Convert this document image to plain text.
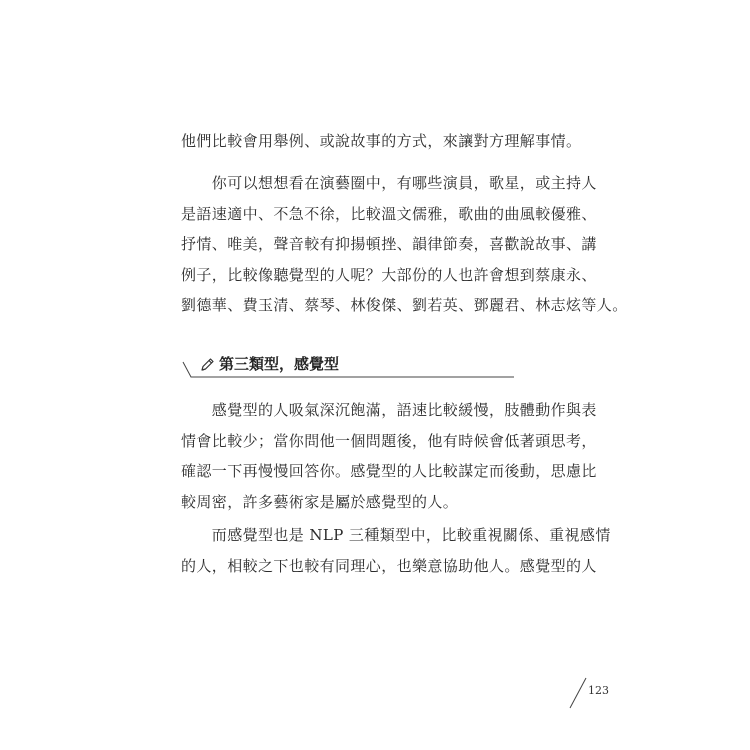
他們比較會用舉例、或說故事的方式，來讓對方理解事情。

　　你可以想想看在演藝圈中，有哪些演員，歌星，或主持人
是語速適中、不急不徐，比較溫文儒雅，歌曲的曲風較優雅、
抒情、唯美，聲音較有抑揚頓挫、韻律節奏，喜歡說故事、講
例子，比較像聽覺型的人呢？大部份的人也許會想到蔡康永、
劉德華、費玉清、蔡琴、林俊傑、劉若英、鄧麗君、林志炫等人。

第三類型，感覺型

　　感覺型的人吸氣深沉飽滿，語速比較緩慢，肢體動作與表
情會比較少；當你問他一個問題後，他有時候會低著頭思考，
確認一下再慢慢回答你。感覺型的人比較謀定而後動，思慮比
較周密，許多藝術家是屬於感覺型的人。

　　而感覺型也是 NLP 三種類型中，比較重視關係、重視感情
的人，相較之下也較有同理心，也樂意協助他人。感覺型的人

123
